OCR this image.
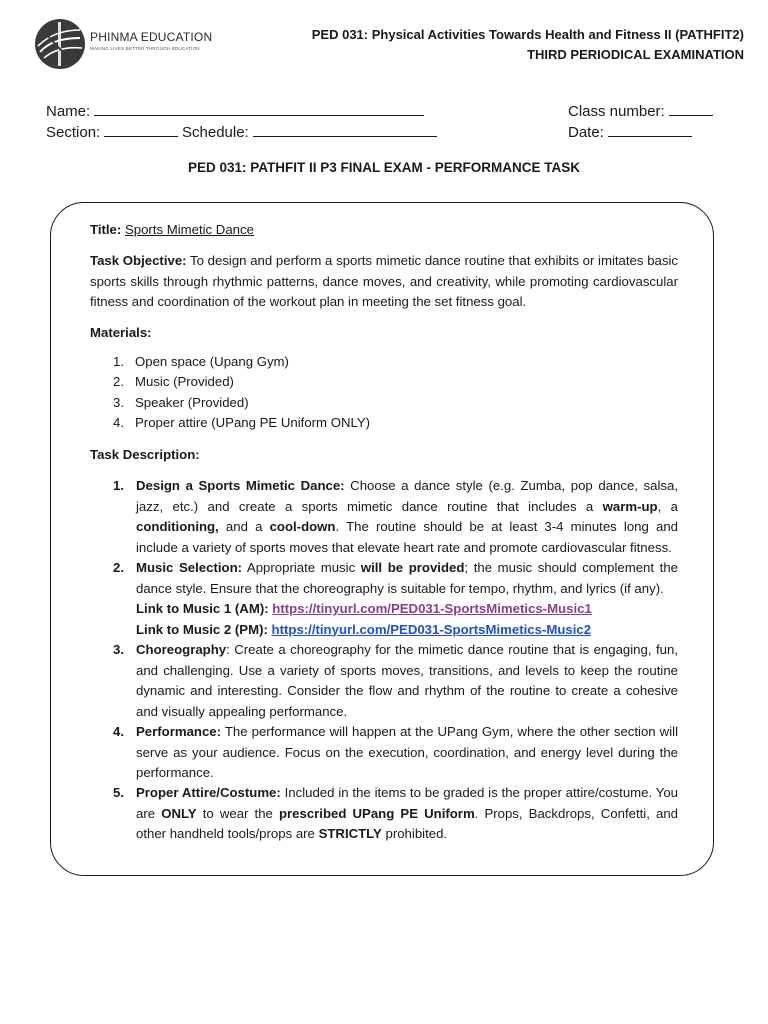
PHINMA EDUCATION
MAKING LIVES BETTER THROUGH EDUCATION
PED 031: Physical Activities Towards Health and Fitness II (PATHFIT2)
THIRD PERIODICAL EXAMINATION
Name:	Class number:
Section:	Schedule:	Date:
PED 031: PATHFIT II P3 FINAL EXAM - PERFORMANCE TASK
Title: Sports Mimetic Dance
Task Objective: To design and perform a sports mimetic dance routine that exhibits or imitates basic sports skills through rhythmic patterns, dance moves, and creativity, while promoting cardiovascular fitness and coordination of the workout plan in meeting the set fitness goal.
Materials:
1. Open space (Upang Gym)
2. Music (Provided)
3. Speaker (Provided)
4. Proper attire (UPang PE Uniform ONLY)
Task Description:
1. Design a Sports Mimetic Dance: Choose a dance style (e.g. Zumba, pop dance, salsa, jazz, etc.) and create a sports mimetic dance routine that includes a warm-up, a conditioning, and a cool-down. The routine should be at least 3-4 minutes long and include a variety of sports moves that elevate heart rate and promote cardiovascular fitness.
2. Music Selection: Appropriate music will be provided; the music should complement the dance style. Ensure that the choreography is suitable for tempo, rhythm, and lyrics (if any).
Link to Music 1 (AM): https://tinyurl.com/PED031-SportsMimetics-Music1
Link to Music 2 (PM): https://tinyurl.com/PED031-SportsMimetics-Music2
3. Choreography: Create a choreography for the mimetic dance routine that is engaging, fun, and challenging. Use a variety of sports moves, transitions, and levels to keep the routine dynamic and interesting. Consider the flow and rhythm of the routine to create a cohesive and visually appealing performance.
4. Performance: The performance will happen at the UPang Gym, where the other section will serve as your audience. Focus on the execution, coordination, and energy level during the performance.
5. Proper Attire/Costume: Included in the items to be graded is the proper attire/costume. You are ONLY to wear the prescribed UPang PE Uniform. Props, Backdrops, Confetti, and other handheld tools/props are STRICTLY prohibited.
